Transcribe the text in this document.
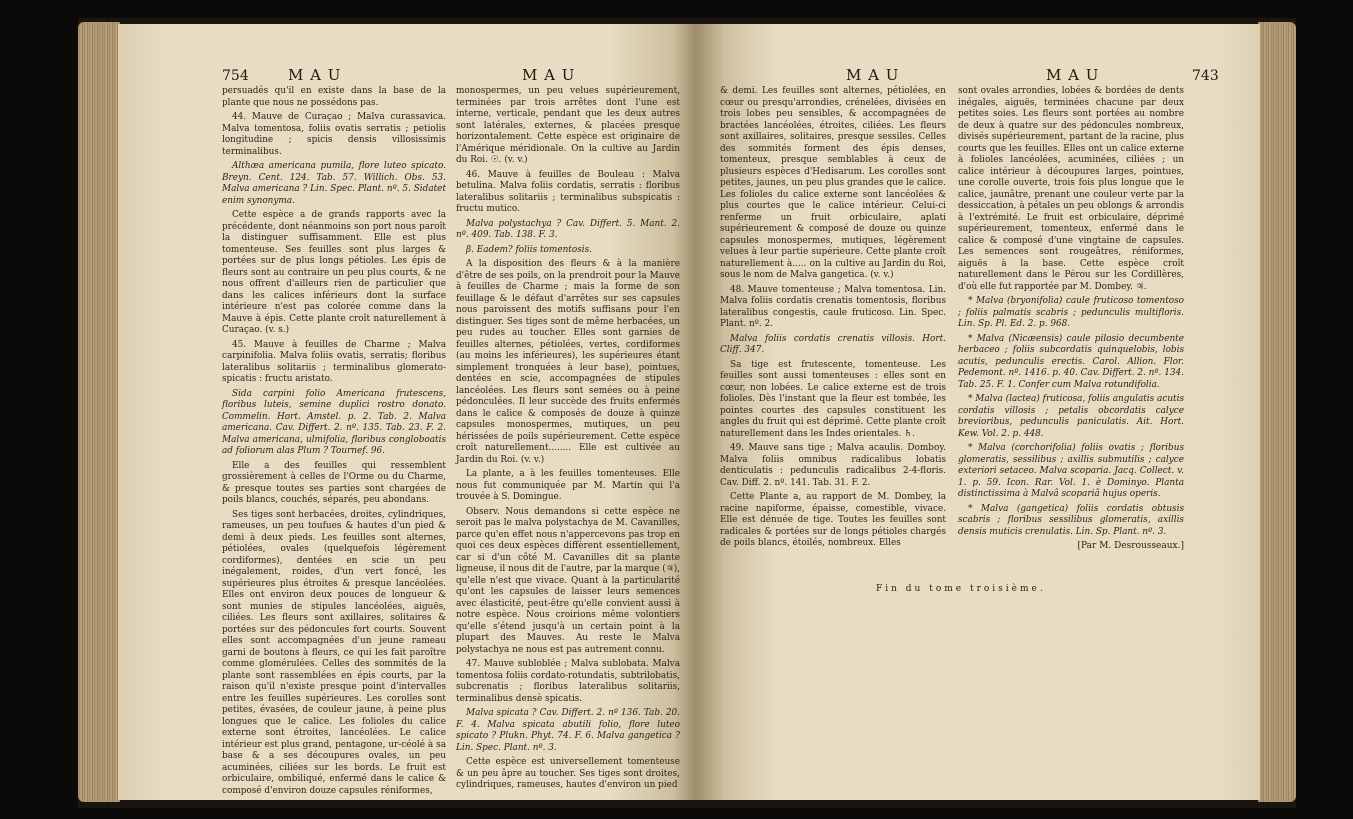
754	M A U	M A U

persuadés qu'il en existe dans la base de la plante que nous ne possédons pas.

44. Mauve de Curaçao ; Malva curassavica. Malva tomentosa, foliis ovatis serratis ; petiolis longitudine ; spicis densis villosissimis terminalibus.

Althæa americana pumila, flore luteo spicato. Breyn. Cent. 124. Tab. 57. Willich. Obs. 53. Malva americana ? Lin. Spec. Plant. nº. 5. Sidatet enim synonyma.

Cette espèce a de grands rapports avec la précédente, dont néanmoins son port nous paroît la distinguer suffisamment. Elle est plus tomenteuse. Ses feuilles sont plus larges & portées sur de plus longs pétioles. Les épis de fleurs sont au contraire un peu plus courts, & ne nous offrent d'ailleurs rien de particulier que dans les calices inférieurs dont la surface intérieure n'est pas colorée comme dans la Mauve à épis. Cette plante croît naturellement à Curaçao. (v. s.)

45. Mauve à feuilles de Charme ; Malva carpinifolia. Malva foliis ovatis, serratis; floribus lateralibus solitariis ; terminalibus glomerato-spicatis : fructu aristato.

Sida carpini folio Americana frutescens, floribus luteis, semine duplici rostro donato. Commelin. Hort. Amstel. p. 2. Tab. 2. Malva americana. Cav. Differt. 2. nº. 135. Tab. 23. F. 2. Malva americana, ulmifolia, floribus congloboatis ad foliorum alas Plum ? Tournef. 96.

Elle a des feuilles qui ressemblent grossièrement à celles de l'Orme ou du Charme, & presque toutes ses parties sont chargées de poils blancs, couchés, séparés, peu abondans.

Ses tiges sont herbacées, droites, cylindriques, rameuses, un peu toufues & hautes d'un pied & demi à deux pieds. Les feuilles sont alternes, pétiolées, ovales (quelquefois légèrement cordiformes), dentées en scie un peu inégalement, roides, d'un vert foncé, les supérieures plus étroites & presque lancéolées. Elles ont environ deux pouces de longueur & sont munies de stipules lancéolées, aiguës, ciliées. Les fleurs sont axillaires, solitaires & portées sur des pédoncules fort courts. Souvent elles sont accompagnées d'un jeune rameau garni de boutons à fleurs, ce qui les fait paroître comme glomérulées. Celles des sommités de la plante sont rassemblées en épis courts, par la raison qu'il n'existe presque point d'intervalles entre les feuilles supérieures. Les corolles sont petites, évasées, de couleur jaune, à peine plus longues que le calice. Les folioles du calice externe sont étroites, lancéolées. Le calice intérieur est plus grand, pentagone, ur-céolé à sa base & a ses découpures ovales, un peu acuminées, ciliées sur les bords. Le fruit est orbiculaire, ombiliqué, enfermé dans le calice & composé d'environ douze capsules réniformes,

monospermes, un peu velues supérieurement, terminées par trois arrêtes dont l'une est interne, verticale, pendant que les deux autres sont latérales, externes, & placées presque horizontalement. Cette espèce est originaire de l'Amérique méridionale. On la cultive au Jardin du Roi. ☉. (v. v.)

46. Mauve à feuilles de Bouleau : Malva betulina. Malva foliis cordatis, serratis : floribus lateralibus solitariis ; terminalibus subspicatis : fructu mutico.

Malva polystachya ? Cav. Differt. 5. Mant. 2. nº. 409. Tab. 138. F. 3.

β. Eadem? foliis tomentosis.

A la disposition des fleurs & à la manière d'être de ses poils, on la prendroit pour la Mauve à feuilles de Charme ; mais la forme de son feuillage & le défaut d'arrêtes sur ses capsules nous paroissent des motifs suffisans pour l'en distinguer. Ses tiges sont de même herbacées, un peu rudes au toucher. Elles sont garnies de feuilles alternes, pétiolées, vertes, cordiformes (au moins les inférieures), les supérieures étant simplement tronquées à leur base), pointues, dentées en scie, accompagnées de stipules lancéolées. Les fleurs sont semées ou à peine pédonculées. Il leur succède des fruits enfermés dans le calice & composés de douze à quinze capsules monospermes, mutiques, un peu hérissées de poils supérieurement. Cette espèce croît naturellement........ Elle est cultivée au Jardin du Roi. (v. v.)

La plante, a à les feuilles tomenteuses. Elle nous fut communiquée par M. Martin qui l'a trouvée à S. Domingue.

Observ. Nous demandons si cette espèce ne seroit pas le malva polystachya de M. Cavanilles, parce qu'en effet nous n'appercevons pas trop en quoi ces deux espèces diffèrent essentiellement, car si d'un côté M. Cavanilles dit sa plante ligneuse, il nous dit de l'autre, par la marque (♃), qu'elle n'est que vivace. Quant à la particularité qu'ont les capsules de laisser leurs semences avec élasticité, peut-être qu'elle convient aussi à notre espèce. Nous croirions même volontiers qu'elle s'étend jusqu'à un certain point à la plupart des Mauves. Au reste le Malva polystachya ne nous est pas autrement connu.

47. Mauve subloblée ; Malva sublobata. Malva tomentosa foliis cordato-rotundatis, subtrilobatis, subcrenatis ; floribus lateralibus solitariis, terminalibus densè spicatis.

Malva spicata ? Cav. Differt. 2. nº 136. Tab. 20. F. 4. Malva spicata abutili folio, flore luteo spicato ? Plukn. Phyt. 74. F. 6. Malva gangetica ? Lin. Spec. Plant. nº. 3.

Cette espèce est universellement tomenteuse & un peu âpre au toucher. Ses tiges sont droites, cylindriques, rameuses, hautes d'environ un pied

M A U	M A U	743

& demi. Les feuilles sont alternes, pétiolées, en cœur ou presqu'arrondies, crénelées, divisées en trois lobes peu sensibles, & accompagnées de bractées lancéolées, étroites, ciliées. Les fleurs sont axillaires, solitaires, presque sessiles. Celles des sommités forment des épis denses, tomenteux, presque semblables à ceux de plusieurs espèces d'Hedisarum. Les corolles sont petites, jaunes, un peu plus grandes que le calice. Les folioles du calice externe sont lancéolées & plus courtes que le calice intérieur. Celui-ci renferme un fruit orbiculaire, aplati supérieurement & composé de douze ou quinze capsules monospermes, mutiques, légèrement velues à leur partie supérieure. Cette plante croît naturellement à..... on la cultive au Jardin du Roi, sous le nom de Malva gangetica. (v. v.)

48. Mauve tomenteuse ; Malva tomentosa. Lin. Malva foliis cordatis crenatis tomentosis, floribus lateralibus congestis, caule fruticoso. Lin. Spec. Plant. nº. 2.

Malva foliis cordatis crenatis villosis. Hort. Cliff. 347.

Sa tige est frutescente, tomenteuse. Les feuilles sont aussi tomenteuses : elles sont en cœur, non lobées. Le calice externe est de trois folioles. Dès l'instant que la fleur est tombée, les pointes courtes des capsules constituent les angles du fruit qui est déprimé. Cette plante croît naturellement dans les Indes orientales. ♄.

49. Mauve sans tige ; Malva acaulis. Domboy. Malva foliis omnibus radicalibus lobatis denticulatis : pedunculis radicalibus 2-4-floris. Cav. Diff. 2. nº. 141. Tab. 31. F. 2.

Cette Plante a, au rapport de M. Dombey, la racine napiforme, épaisse, comestible, vivace. Elle est dénuée de tige. Toutes les feuilles sont radicales & portées sur de longs pétioles chargés de poils blancs, étoilés, nombreux. Elles

sont ovales arrondies, lobées & bordées de dents inégales, aiguës, terminées chacune par deux petites soies. Les fleurs sont portées au nombre de deux à quatre sur des pédoncules nombreux, divisés supérieurement, partant de la racine, plus courts que les feuilles. Elles ont un calice externe à folioles lancéolées, acuminées, ciliées ; un calice intérieur à découpures larges, pointues, une corolle ouverte, trois fois plus longue que le calice, jaunâtre, prenant une couleur verte par la dessiccation, à pétales un peu oblongs & arrondis à l'extrémité. Le fruit est orbiculaire, déprimé supérieurement, tomenteux, enfermé dans le calice & composé d'une vingtaine de capsules. Les semences sont rougeâtres, réniformes, aiguës à la base. Cette espèce croît naturellement dans le Pérou sur les Cordillères, d'où elle fut rapportée par M. Dombey. ♃.

* Malva (bryonifolia) caule fruticoso tomentoso ; foliis palmatis scabris ; pedunculis multifloris. Lin. Sp. Pl. Ed. 2. p. 968.

* Malva (Nicæensis) caule pilosio decumbente herbaceo ; foliis subcordatis quinquelobis, lobis acutis, pedunculis erectis. Carol. Allion. Flor. Pedemont. nº. 1416. p. 40. Cav. Differt. 2. nº. 134. Tab. 25. F. 1. Confer cum Malva rotundifolia.

* Malva (lactea) fruticosa, foliis angulatis acutis cordatis villosis ; petalis obcordatis calyce brevioribus, pedunculis paniculatis. Ait. Hort. Kew. Vol. 2. p. 448.

* Malva (corchorifolia) foliis ovatis ; floribus glomeratis, sessilibus ; axillis submutilis ; calyce exteriori setaceo. Malva scoparia. Jacq. Collect. v. 1. p. 59. Icon. Rar. Vol. 1. è Dominyo. Planta distinctissima à Malvâ scopariâ hujus operis.

* Malva (gangetica) foliis cordatis obtusis scabris ; floribus sessilibus glomeratis, axillis densis muticis crenulatis. Lin. Sp. Plant. nº. 3.

[Par M. Desrousseaux.]

Fin du tome troisième.
